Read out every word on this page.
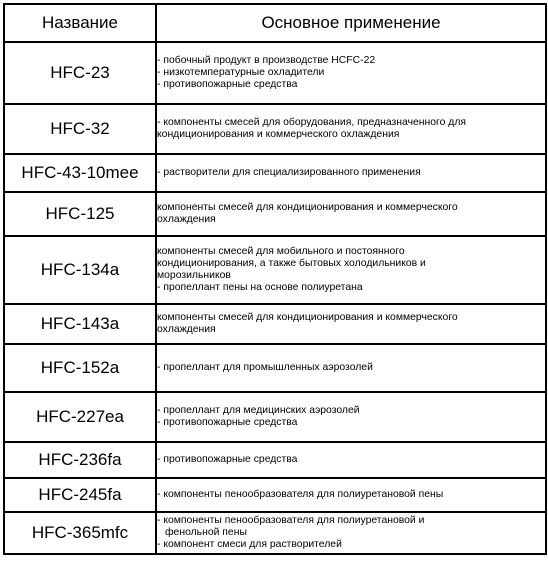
Название	Основное применение
HFC-23	- побочный продукт в производстве HCFC-22
- низкотемпературные охладители
- противопожарные средства

HFC-32	- компоненты смесей для оборудования, предназначенного для
кондиционирования и коммерческого охлаждения

HFC-43-10mee	- растворители для специализированного применения

HFC-125	компоненты смесей для кондиционирования и коммерческого
охлаждения

HFC-134a	компоненты смесей для мобильного и постоянного
кондиционирования, а также бытовых холодильников и
морозильников
- пропеллант пены на основе полиуретана

HFC-143a	компоненты смесей для кондиционирования и коммерческого
охлаждения

HFC-152a	- пропеллант для промышленных аэрозолей

HFC-227ea	- пропеллант для медицинских аэрозолей
- противопожарные средства

HFC-236fa	- противопожарные средства

HFC-245fa	- компоненты пенообразователя для полиуретановой пены

HFC-365mfc	- компоненты пенообразователя для полиуретановой и
фенольной пены
- компонент смеси для растворителей
